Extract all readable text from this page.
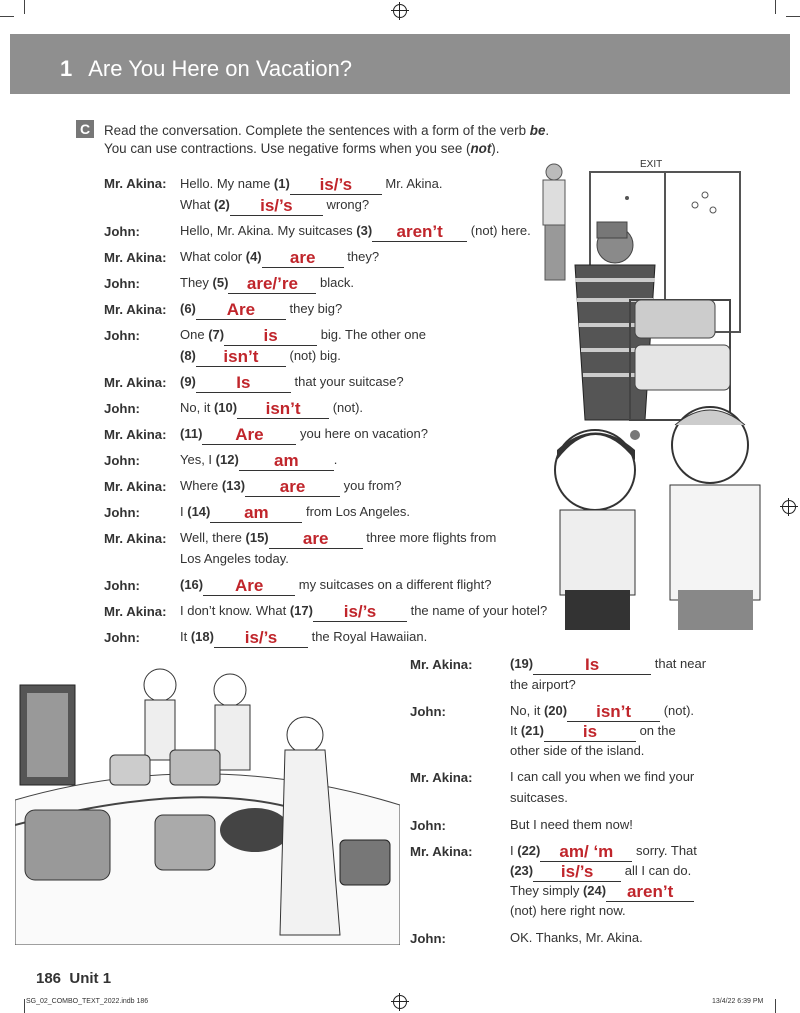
1 Are You Here on Vacation?
C Read the conversation. Complete the sentences with a form of the verb be. You can use contractions. Use negative forms when you see (not).
EXIT
Mr. Akina: Hello. My name (1) is/’s Mr. Akina.
What (2) is/’s wrong?
John:	Hello, Mr. Akina. My suitcases (3) aren’t (not) here.
Mr. Akina: What color (4) are they?
John:	They (5) are/’re black.
Mr. Akina: (6) Are they big?
John:	One (7) is	big. The other one
(8) isn’t (not) big.
Mr. Akina: (9) Is	that your suitcase?
John:	No, it (10) isn’t (not).
Mr. Akina: (11) Are	you here on vacation?
John:	Yes, I (12) am	.
Mr. Akina: Where (13) are	you from?
John:	I (14) am	from Los Angeles.
Mr. Akina: Well, there (15) are	three more flights from
Los Angeles today.
John:	(16) Are my suitcases on a different flight?
Mr. Akina: I don’t know. What (17) is/’s the name of your hotel?
John:	It (18) is/’s the Royal Hawaiian.
Mr. Akina:	(19)	Is	that near
the airport?
John:	No, it (20) isn’t (not).
It (21) is	on the
other side of the island.
Mr. Akina:	I can call you when we find your
suitcases.
John:	But I need them now!
Mr. Akina:	I (22) am/ ‘m sorry. That
(23) is/’s all I can do.
They simply (24) aren’t
(not) here right now.
John:	OK. Thanks, Mr. Akina.
186 Unit 1
SG_02_COMBO_TEXT_2022.indb 186	13/4/22 6:39 PM
